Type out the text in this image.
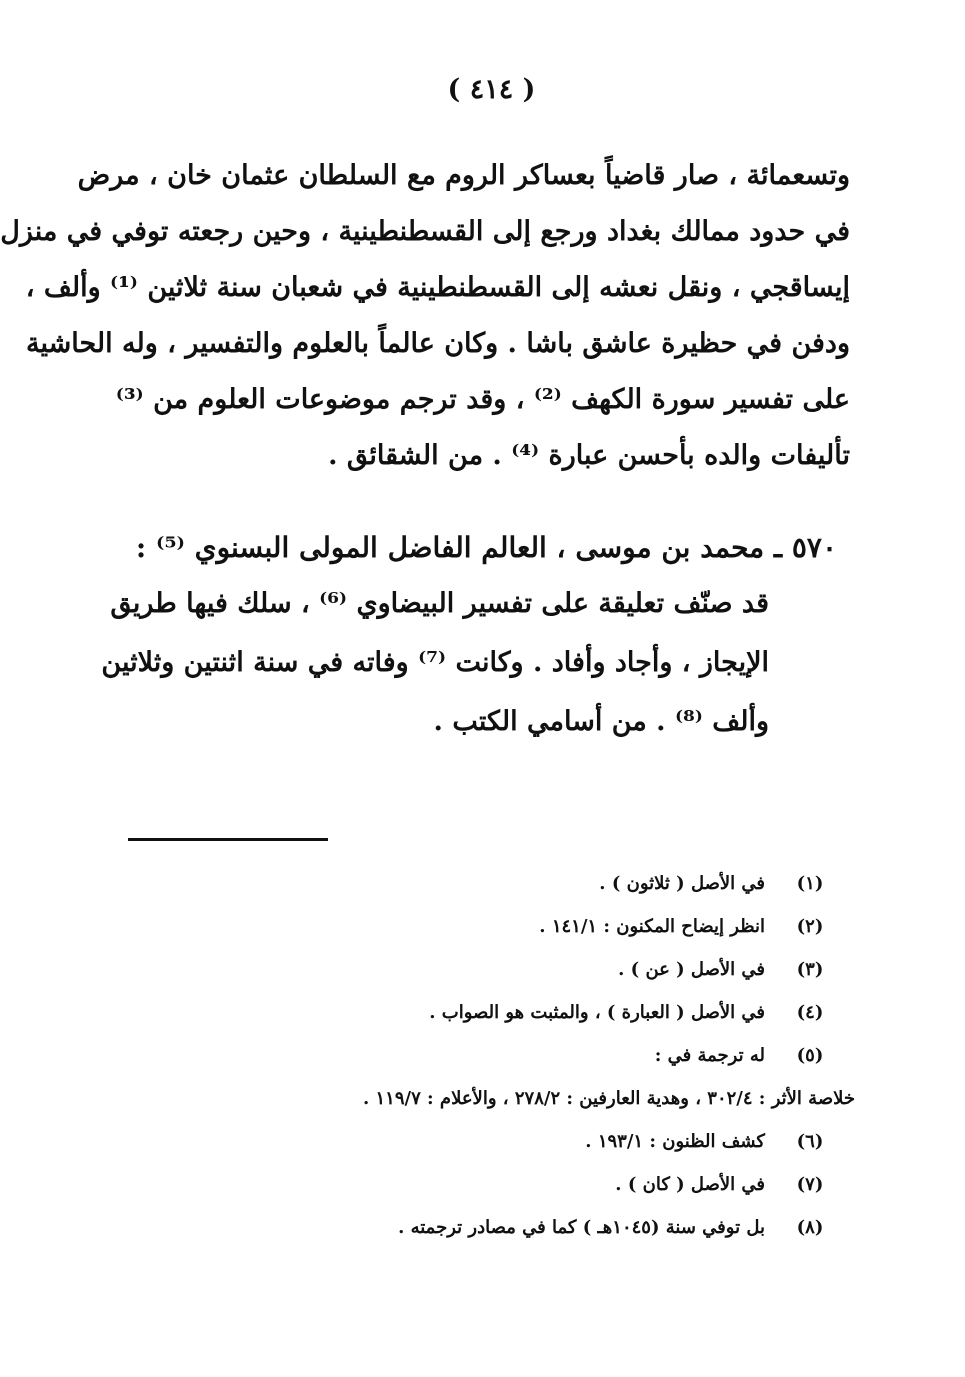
( ٤١٤ )
وتسعمائة ، صار قاضياً بعساكر الروم مع السلطان عثمان خان ، مرض
في حدود ممالك بغداد ورجع إلى القسطنطينية ، وحين رجعته توفي في منزل
إيساقجي ، ونقل نعشه إلى القسطنطينية في شعبان سنة ثلاثين ⁽¹⁾ وألف ،
ودفن في حظيرة عاشق باشا . وكان عالماً بالعلوم والتفسير ، وله الحاشية
على تفسير سورة الكهف ⁽²⁾ ، وقد ترجم موضوعات العلوم من ⁽³⁾
تأليفات والده بأحسن عبارة ⁽⁴⁾ . من الشقائق .
٥٧٠ ـ محمد بن موسى ، العالم الفاضل المولى البسنوي ⁽⁵⁾ :
قد صنّف تعليقة على تفسير البيضاوي ⁽⁶⁾ ، سلك فيها طريق
الإيجاز ، وأجاد وأفاد . وكانت ⁽⁷⁾ وفاته في سنة اثنتين وثلاثين
وألف ⁽⁸⁾ . من أسامي الكتب .
(١)
في الأصل ( ثلاثون ) .
(٢)
انظر إيضاح المكنون : ١٤١/١ .
(٣)
في الأصل ( عن ) .
(٤)
في الأصل ( العبارة ) ، والمثبت هو الصواب .
(٥)
له ترجمة في :
خلاصة الأثر : ٣٠٢/٤ ، وهدية العارفين : ٢٧٨/٢ ، والأعلام : ١١٩/٧ .
(٦)
كشف الظنون : ١٩٣/١ .
(٧)
في الأصل ( كان ) .
(٨)
بل توفي سنة (١٠٤٥هـ ) كما في مصادر ترجمته .
